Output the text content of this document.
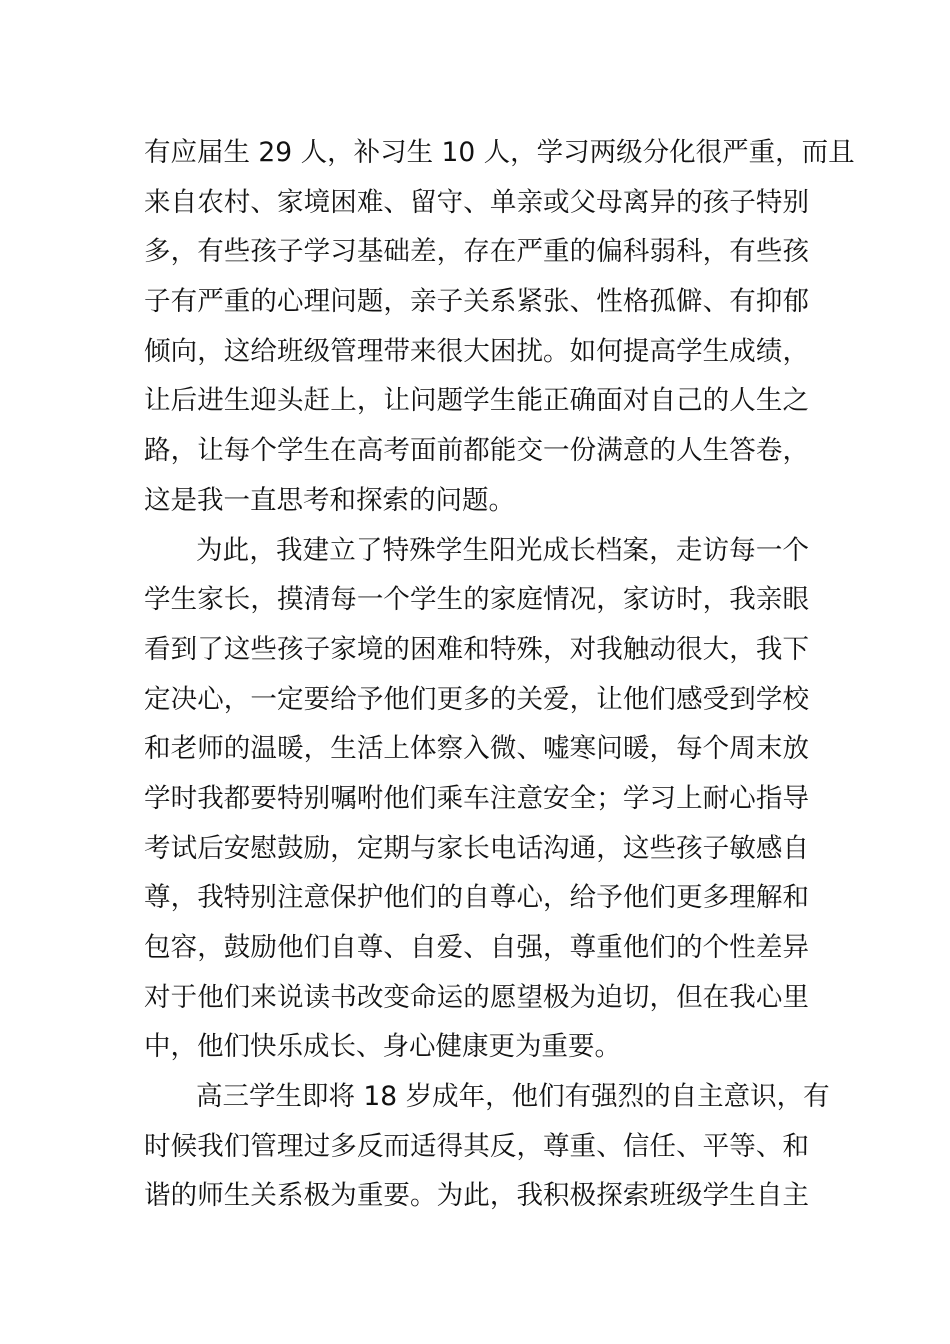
有应届生 29 人，补习生 10 人，学习两级分化很严重，而且
来自农村、家境困难、留守、单亲或父母离异的孩子特别
多，有些孩子学习基础差，存在严重的偏科弱科，有些孩
子有严重的心理问题，亲子关系紧张、性格孤僻、有抑郁
倾向，这给班级管理带来很大困扰。如何提高学生成绩，
让后进生迎头赶上，让问题学生能正确面对自己的人生之
路，让每个学生在高考面前都能交一份满意的人生答卷，
这是我一直思考和探索的问题。
为此，我建立了特殊学生阳光成长档案，走访每一个
学生家长，摸清每一个学生的家庭情况，家访时，我亲眼
看到了这些孩子家境的困难和特殊，对我触动很大，我下
定决心，一定要给予他们更多的关爱，让他们感受到学校
和老师的温暖，生活上体察入微、嘘寒问暖，每个周末放
学时我都要特别嘱咐他们乘车注意安全；学习上耐心指导
考试后安慰鼓励，定期与家长电话沟通，这些孩子敏感自
尊，我特别注意保护他们的自尊心，给予他们更多理解和
包容，鼓励他们自尊、自爱、自强，尊重他们的个性差异
对于他们来说读书改变命运的愿望极为迫切，但在我心里
中，他们快乐成长、身心健康更为重要。
高三学生即将 18 岁成年，他们有强烈的自主意识，有
时候我们管理过多反而适得其反，尊重、信任、平等、和
谐的师生关系极为重要。为此，我积极探索班级学生自主
